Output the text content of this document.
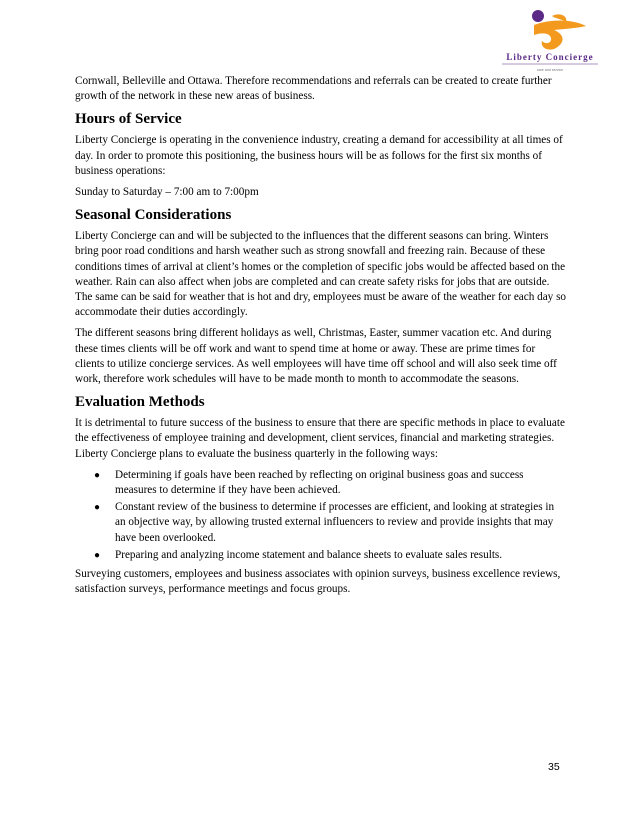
Liberty Concierge
care and service

Cornwall, Belleville and Ottawa. Therefore recommendations and referrals can be created to create further growth of the network in these new areas of business.

Hours of Service

Liberty Concierge is operating in the convenience industry, creating a demand for accessibility at all times of day. In order to promote this positioning, the business hours will be as follows for the first six months of business operations:

Sunday to Saturday – 7:00 am to 7:00pm

Seasonal Considerations

Liberty Concierge can and will be subjected to the influences that the different seasons can bring. Winters bring poor road conditions and harsh weather such as strong snowfall and freezing rain. Because of these conditions times of arrival at client’s homes or the completion of specific jobs would be affected based on the weather. Rain can also affect when jobs are completed and can create safety risks for jobs that are outside. The same can be said for weather that is hot and dry, employees must be aware of the weather for each day so accommodate their duties accordingly.

The different seasons bring different holidays as well, Christmas, Easter, summer vacation etc. And during these times clients will be off work and want to spend time at home or away. These are prime times for clients to utilize concierge services. As well employees will have time off school and will also seek time off work, therefore work schedules will have to be made month to month to accommodate the seasons.

Evaluation Methods

It is detrimental to future success of the business to ensure that there are specific methods in place to evaluate the effectiveness of employee training and development, client services, financial and marketing strategies. Liberty Concierge plans to evaluate the business quarterly in the following ways:

● Determining if goals have been reached by reflecting on original business goas and success measures to determine if they have been achieved.
● Constant review of the business to determine if processes are efficient, and looking at strategies in an objective way, by allowing trusted external influencers to review and provide insights that may have been overlooked.
● Preparing and analyzing income statement and balance sheets to evaluate sales results.

Surveying customers, employees and business associates with opinion surveys, business excellence reviews, satisfaction surveys, performance meetings and focus groups.

35
